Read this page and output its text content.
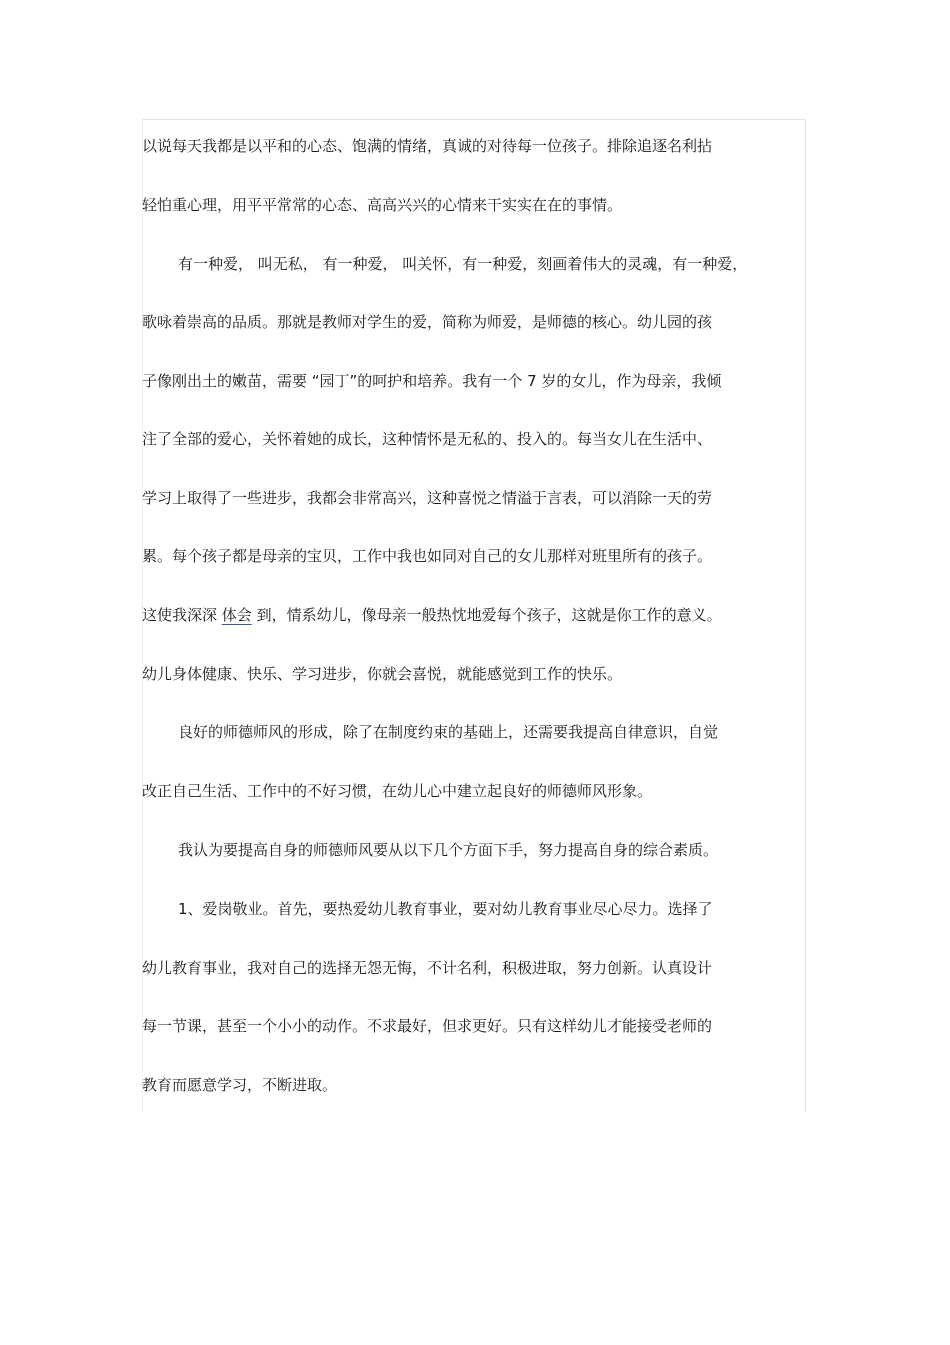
以说每天我都是以平和的心态、饱满的情绪，真诚的对待每一位孩子。排除追逐名利拈
轻怕重心理，用平平常常的心态、高高兴兴的心情来干实实在在的事情。
有一种爱， 叫无私， 有一种爱， 叫关怀，有一种爱，刻画着伟大的灵魂，有一种爱，
歌咏着崇高的品质。那就是教师对学生的爱，简称为师爱，是师德的核心。幼儿园的孩
子像刚出土的嫩苗，需要 “园丁”的呵护和培养。我有一个 7 岁的女儿，作为母亲，我倾
注了全部的爱心，关怀着她的成长，这种情怀是无私的、投入的。每当女儿在生活中、
学习上取得了一些进步，我都会非常高兴，这种喜悦之情溢于言表，可以消除一天的劳
累。每个孩子都是母亲的宝贝，工作中我也如同对自己的女儿那样对班里所有的孩子。
这使我深深 体会 到，情系幼儿，像母亲一般热忱地爱每个孩子，这就是你工作的意义。
幼儿身体健康、快乐、学习进步，你就会喜悦，就能感觉到工作的快乐。
良好的师德师风的形成，除了在制度约束的基础上，还需要我提高自律意识，自觉
改正自己生活、工作中的不好习惯，在幼儿心中建立起良好的师德师风形象。
我认为要提高自身的师德师风要从以下几个方面下手，努力提高自身的综合素质。
1、爱岗敬业。首先，要热爱幼儿教育事业，要对幼儿教育事业尽心尽力。选择了
幼儿教育事业，我对自己的选择无怨无悔，不计名利，积极进取，努力创新。认真设计
每一节课，甚至一个小小的动作。不求最好，但求更好。只有这样幼儿才能接受老师的
教育而愿意学习，不断进取。
